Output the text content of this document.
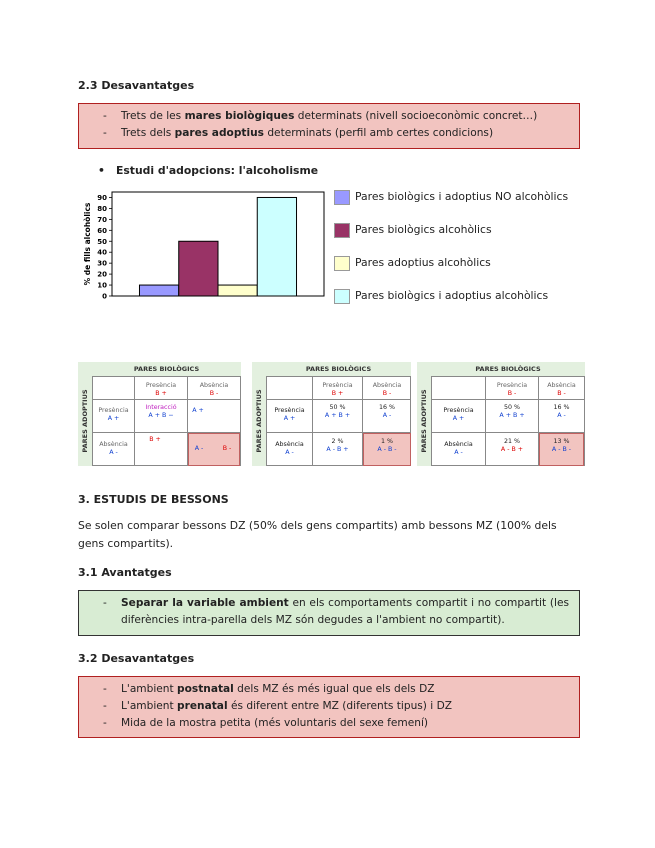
2.3 Desavantatges
- Trets de les mares biològiques determinats (nivell socioeconòmic concret…)
- Trets dels pares adoptius determinats (perfil amb certes condicions)
• Estudi d'adopcions: l'alcoholisme
0
10
20
30
40
50
60
70
80
90
% de fills alcohòlics
Pares biològics i adoptius NO alcohòlics
Pares biològics alcohòlics
Pares adoptius alcohòlics
Pares biològics i adoptius alcohòlics
PARES BIOLÒGICS
PARES ADOPTIUS
Presència
B +
Absència
B -
Presència
A +
Absència
A -
Interacció
A + B −
A +
B +
A -	B -
PARES BIOLÒGICS
PARES ADOPTIUS
Presència
B +
Absència
B -
Presència
A +
Absència
A -
50 %
A + B +
16 %
A -
2 %
A - B +
1 %
A - B -
PARES BIOLÒGICS
PARES ADOPTIUS
Presència
B -
Absència
B -
Presència
A +
Absència
A -
50 %
A + B +
16 %
A -
21 %
A - B +
13 %
A - B -
3. ESTUDIS DE BESSONS
Se solen comparar bessons DZ (50% dels gens compartits) amb bessons MZ (100% dels gens compartits).
3.1 Avantatges
- Separar la variable ambient en els comportaments compartit i no compartit (les diferències intra-parella dels MZ són degudes a l'ambient no compartit).
3.2 Desavantatges
- L'ambient postnatal dels MZ és més igual que els dels DZ
- L'ambient prenatal és diferent entre MZ (diferents tipus) i DZ
- Mida de la mostra petita (més voluntaris del sexe femení)
